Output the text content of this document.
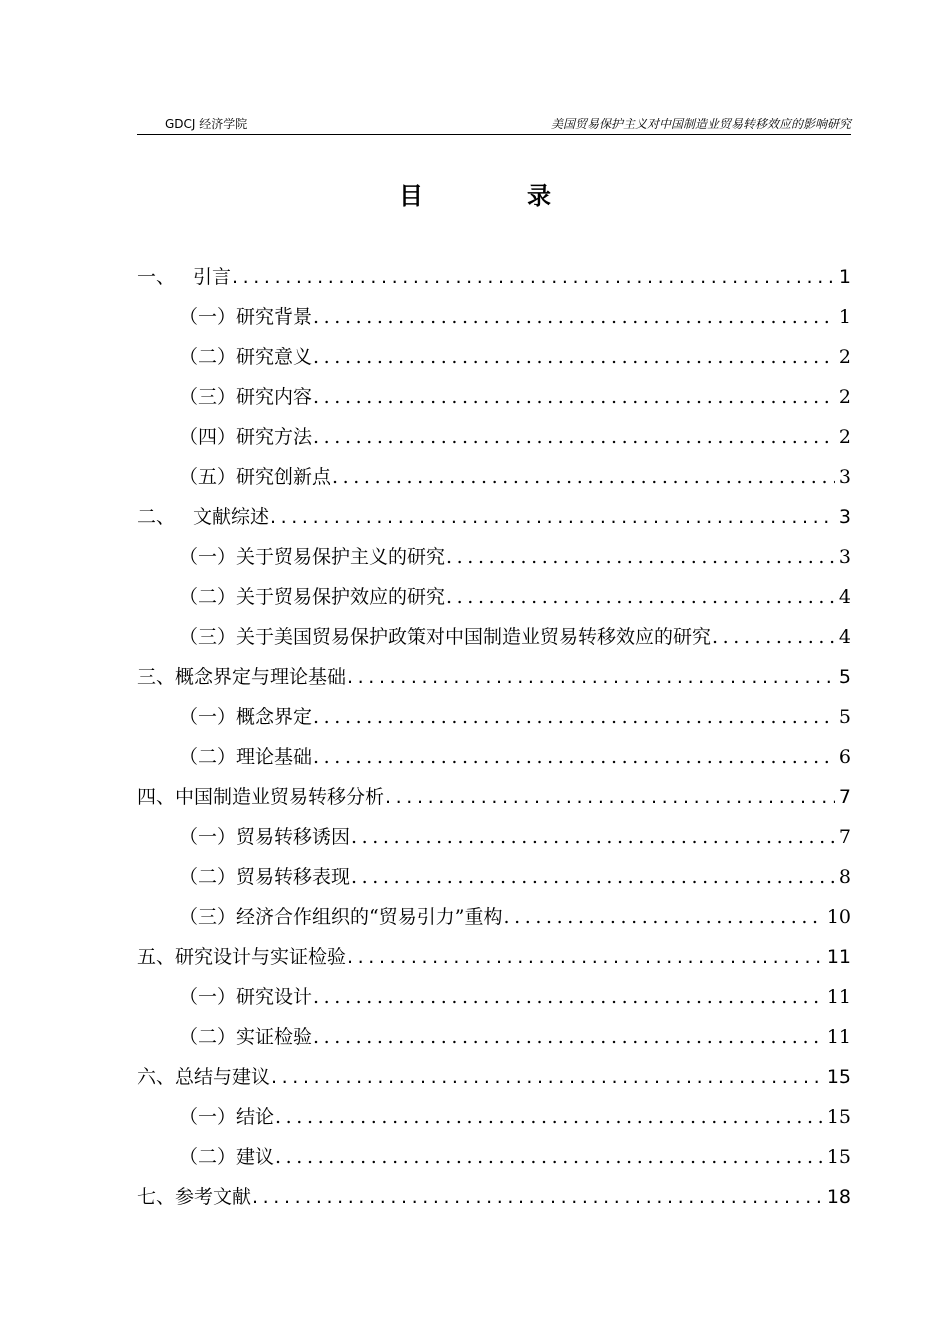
GDCJ 经济学院	美国贸易保护主义对中国制造业贸易转移效应的影响研究
目	录
一、 引言 .....	1
（一） 研究背景 .....	1
（二） 研究意义 .....	2
（三） 研究内容 .....	2
（四） 研究方法 .....	2
（五） 研究创新点 .....	3
二、 文献综述 .....	3
（一） 关于贸易保护主义的研究 .....	3
（二） 关于贸易保护效应的研究 .....	4
（三） 关于美国贸易保护政策对中国制造业贸易转移效应的研究 .....	4
三、 概念界定与理论基础 .....	5
（一） 概念界定 .....	5
（二） 理论基础 .....	6
四、 中国制造业贸易转移分析 .....	7
（一） 贸易转移诱因 .....	7
（二） 贸易转移表现 .....	8
（三） 经济合作组织的“贸易引力”重构 .....	10
五、 研究设计与实证检验 .....	11
（一） 研究设计 .....	11
（二） 实证检验 .....	11
六、 总结与建议 .....	15
（一） 结论 .....	15
（二） 建议 .....	15
七、 参考文献 .....	18
